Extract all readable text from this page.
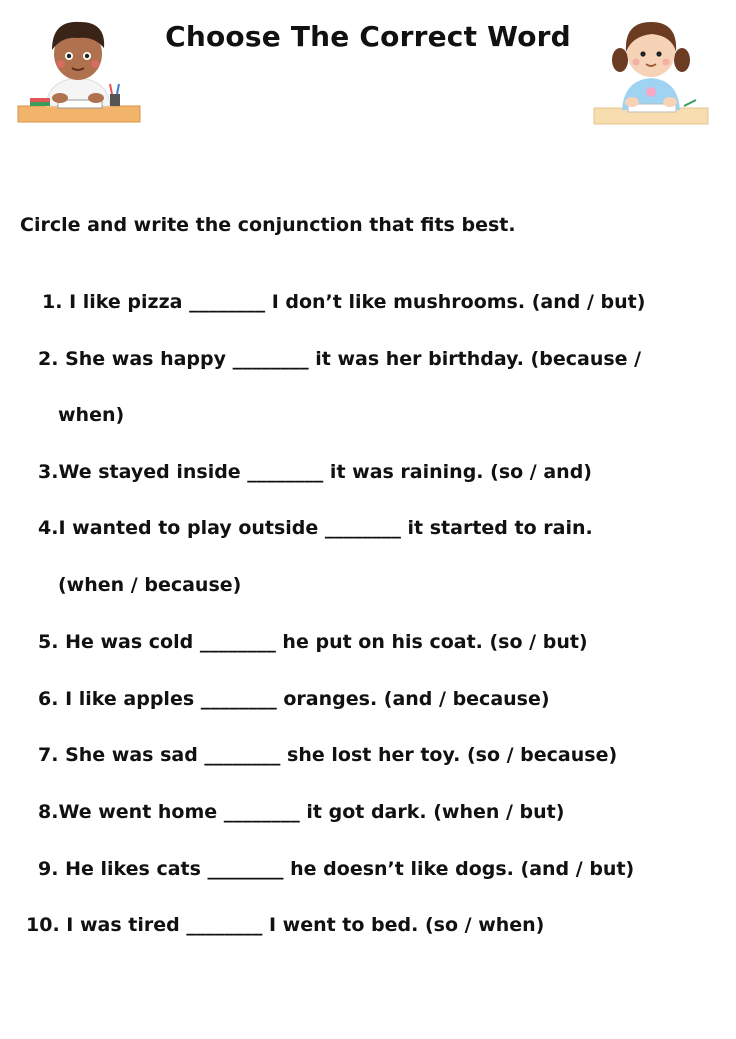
Choose The Correct Word
Circle and write the conjunction that fits best.
1. I like pizza ________ I don’t like mushrooms. (and / but)
2. She was happy ________ it was her birthday. (because /
when)
3.We stayed inside ________ it was raining. (so / and)
4.I wanted to play outside ________ it started to rain.
(when / because)
5. He was cold ________ he put on his coat. (so / but)
6. I like apples ________ oranges. (and / because)
7. She was sad ________ she lost her toy. (so / because)
8.We went home ________ it got dark. (when / but)
9. He likes cats ________ he doesn’t like dogs. (and / but)
10. I was tired ________ I went to bed. (so / when)
